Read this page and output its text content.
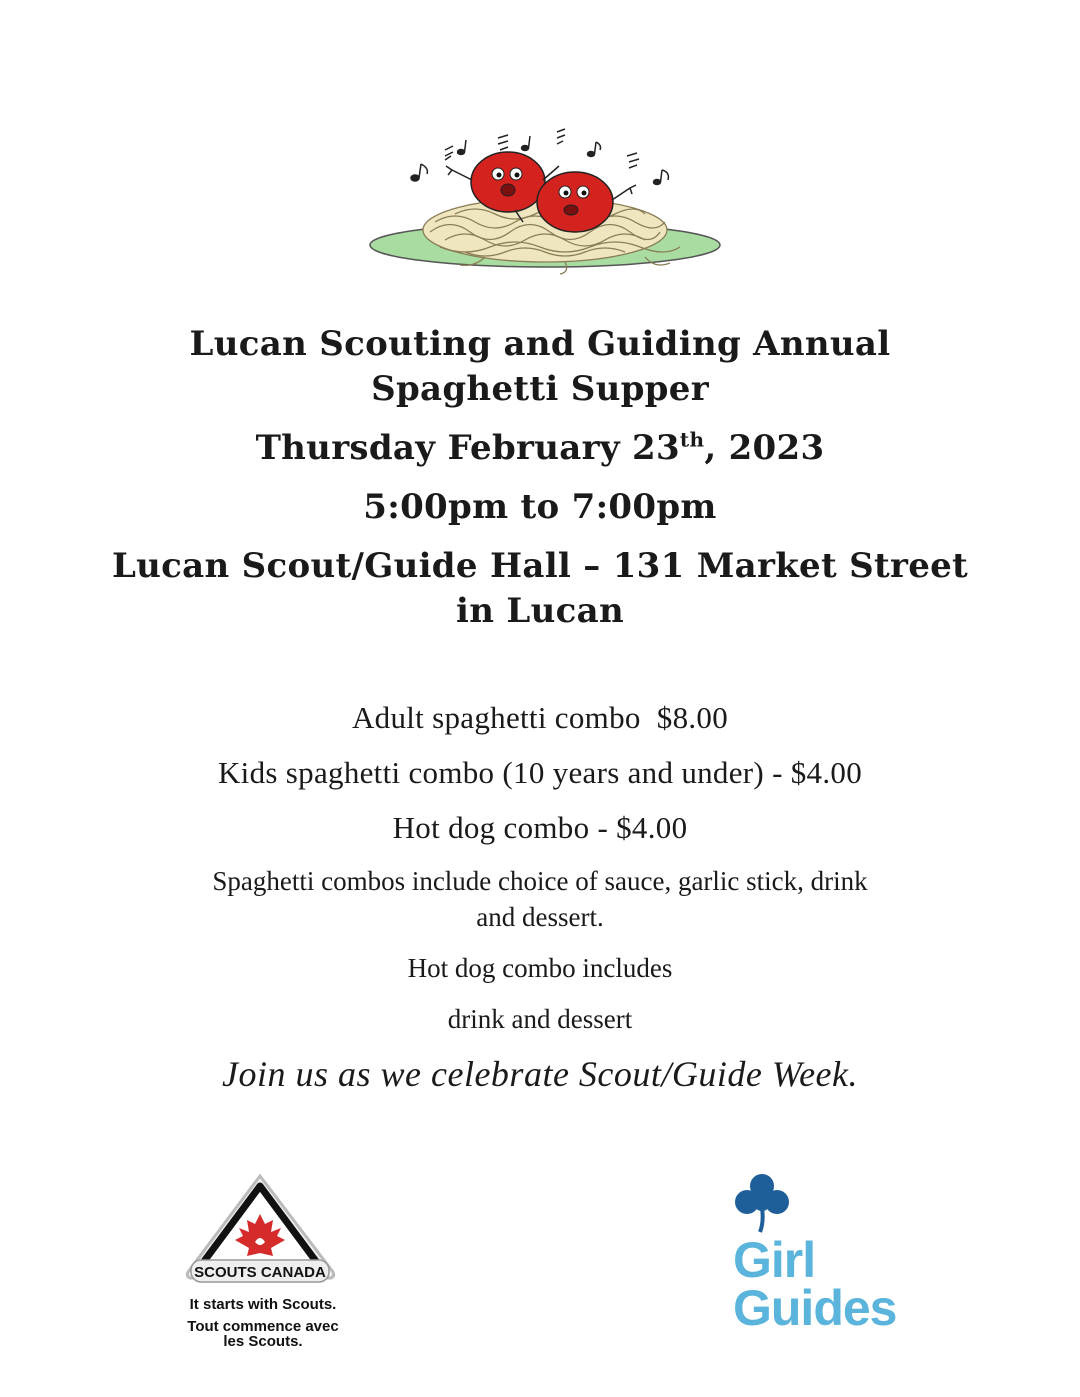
Lucan Scouting and Guiding Annual
Spaghetti Supper
Thursday February 23th, 2023
5:00pm to 7:00pm
Lucan Scout/Guide Hall – 131 Market Street
in Lucan
Adult spaghetti combo  $8.00
Kids spaghetti combo (10 years and under) - $4.00
Hot dog combo - $4.00
Spaghetti combos include choice of sauce, garlic stick, drink
and dessert.
Hot dog combo includes
drink and dessert
Join us as we celebrate Scout/Guide Week.
SCOUTS CANADA
It starts with Scouts.
Tout commence avec
les Scouts.
Girl
Guides
